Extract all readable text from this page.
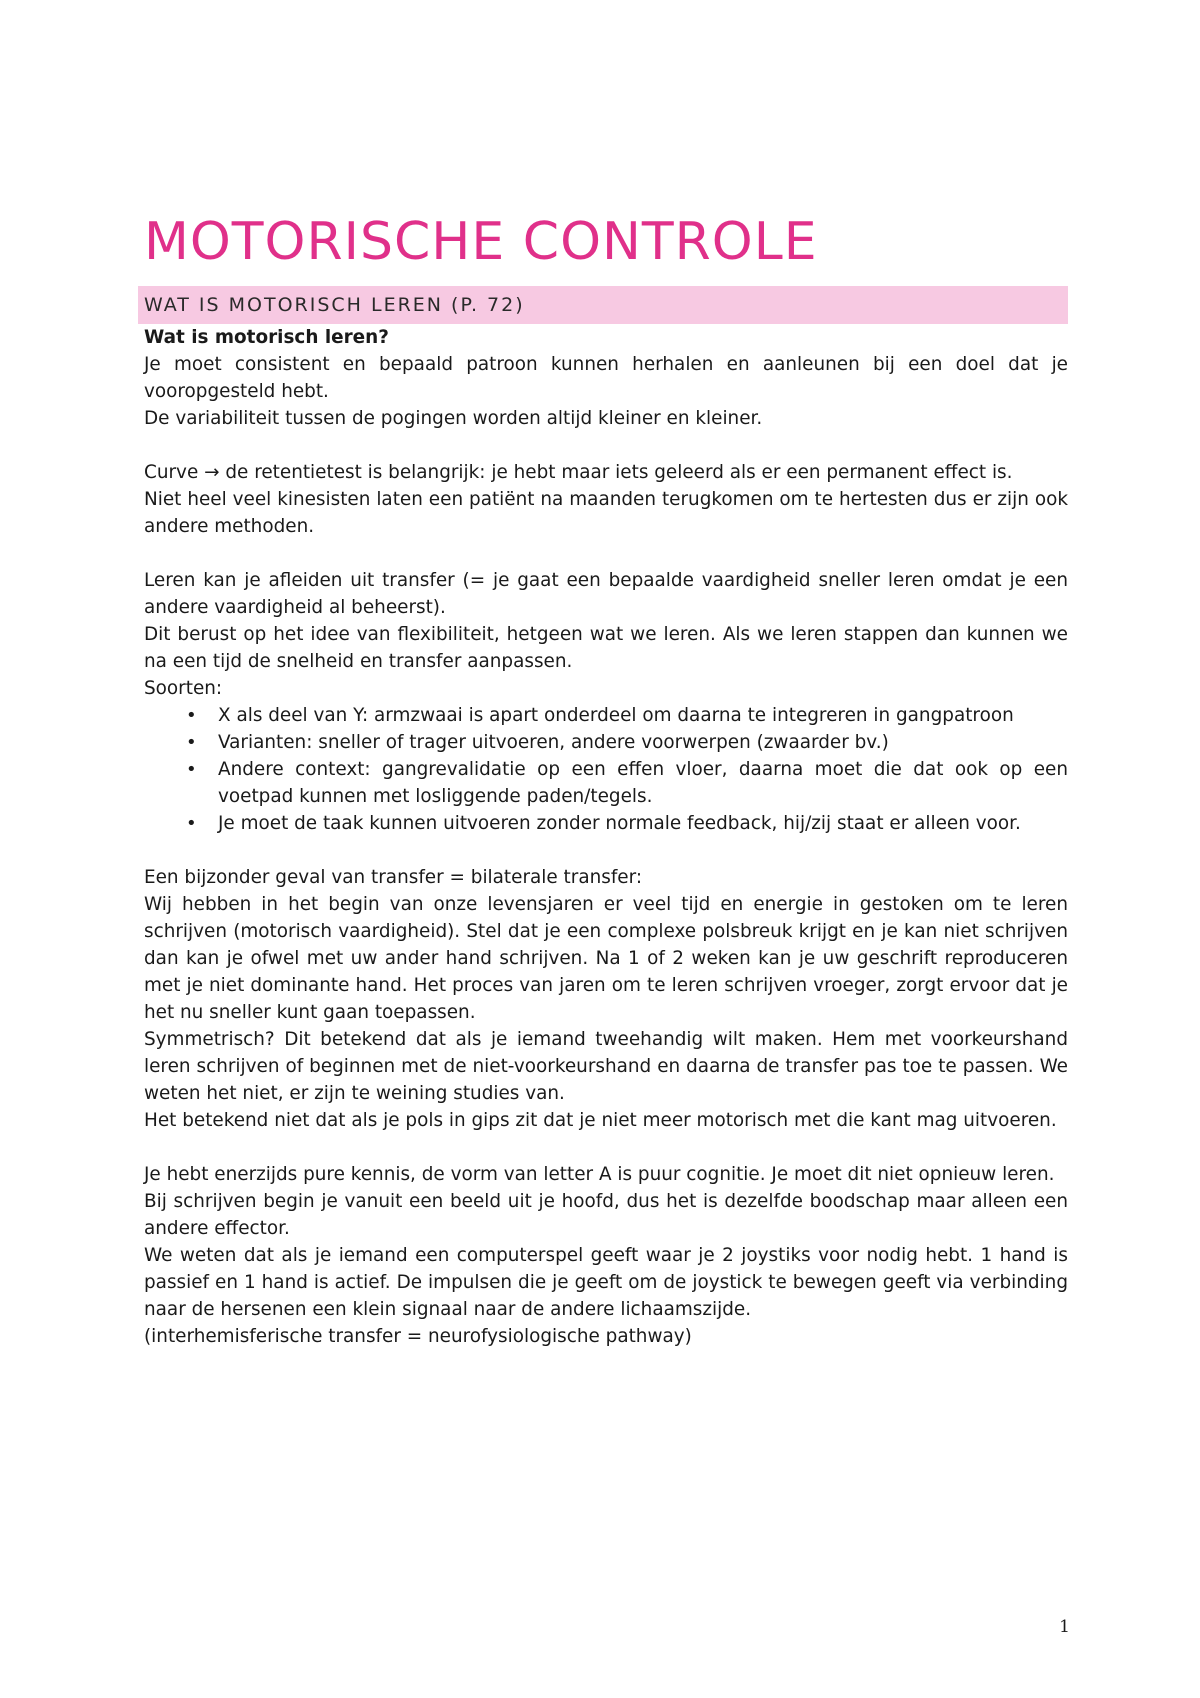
MOTORISCHE CONTROLE
WAT IS MOTORISCH LEREN (P. 72)
Wat is motorisch leren?

Je moet consistent en bepaald patroon kunnen herhalen en aanleunen bij een doel dat je vooropgesteld hebt.

De variabiliteit tussen de pogingen worden altijd kleiner en kleiner.

Curve → de retentietest is belangrijk: je hebt maar iets geleerd als er een permanent effect is.

Niet heel veel kinesisten laten een patiënt na maanden terugkomen om te hertesten dus er zijn ook andere methoden.

Leren kan je afleiden uit transfer (= je gaat een bepaalde vaardigheid sneller leren omdat je een andere vaardigheid al beheerst).

Dit berust op het idee van flexibiliteit, hetgeen wat we leren. Als we leren stappen dan kunnen we na een tijd de snelheid en transfer aanpassen.

Soorten:

• X als deel van Y: armzwaai is apart onderdeel om daarna te integreren in gangpatroon
• Varianten: sneller of trager uitvoeren, andere voorwerpen (zwaarder bv.)
• Andere context: gangrevalidatie op een effen vloer, daarna moet die dat ook op een voetpad kunnen met losliggende paden/tegels.
• Je moet de taak kunnen uitvoeren zonder normale feedback, hij/zij staat er alleen voor.

Een bijzonder geval van transfer = bilaterale transfer:

Wij hebben in het begin van onze levensjaren er veel tijd en energie in gestoken om te leren schrijven (motorisch vaardigheid). Stel dat je een complexe polsbreuk krijgt en je kan niet schrijven dan kan je ofwel met uw ander hand schrijven. Na 1 of 2 weken kan je uw geschrift reproduceren met je niet dominante hand. Het proces van jaren om te leren schrijven vroeger, zorgt ervoor dat je het nu sneller kunt gaan toepassen.

Symmetrisch? Dit betekend dat als je iemand tweehandig wilt maken. Hem met voorkeurshand leren schrijven of beginnen met de niet-voorkeurshand en daarna de transfer pas toe te passen. We weten het niet, er zijn te weining studies van.

Het betekend niet dat als je pols in gips zit dat je niet meer motorisch met die kant mag uitvoeren.

Je hebt enerzijds pure kennis, de vorm van letter A is puur cognitie. Je moet dit niet opnieuw leren.

Bij schrijven begin je vanuit een beeld uit je hoofd, dus het is dezelfde boodschap maar alleen een andere effector.

We weten dat als je iemand een computerspel geeft waar je 2 joystiks voor nodig hebt. 1 hand is passief en 1 hand is actief. De impulsen die je geeft om de joystick te bewegen geeft via verbinding naar de hersenen een klein signaal naar de andere lichaamszijde.

(interhemisferische transfer = neurofysiologische pathway)

1
